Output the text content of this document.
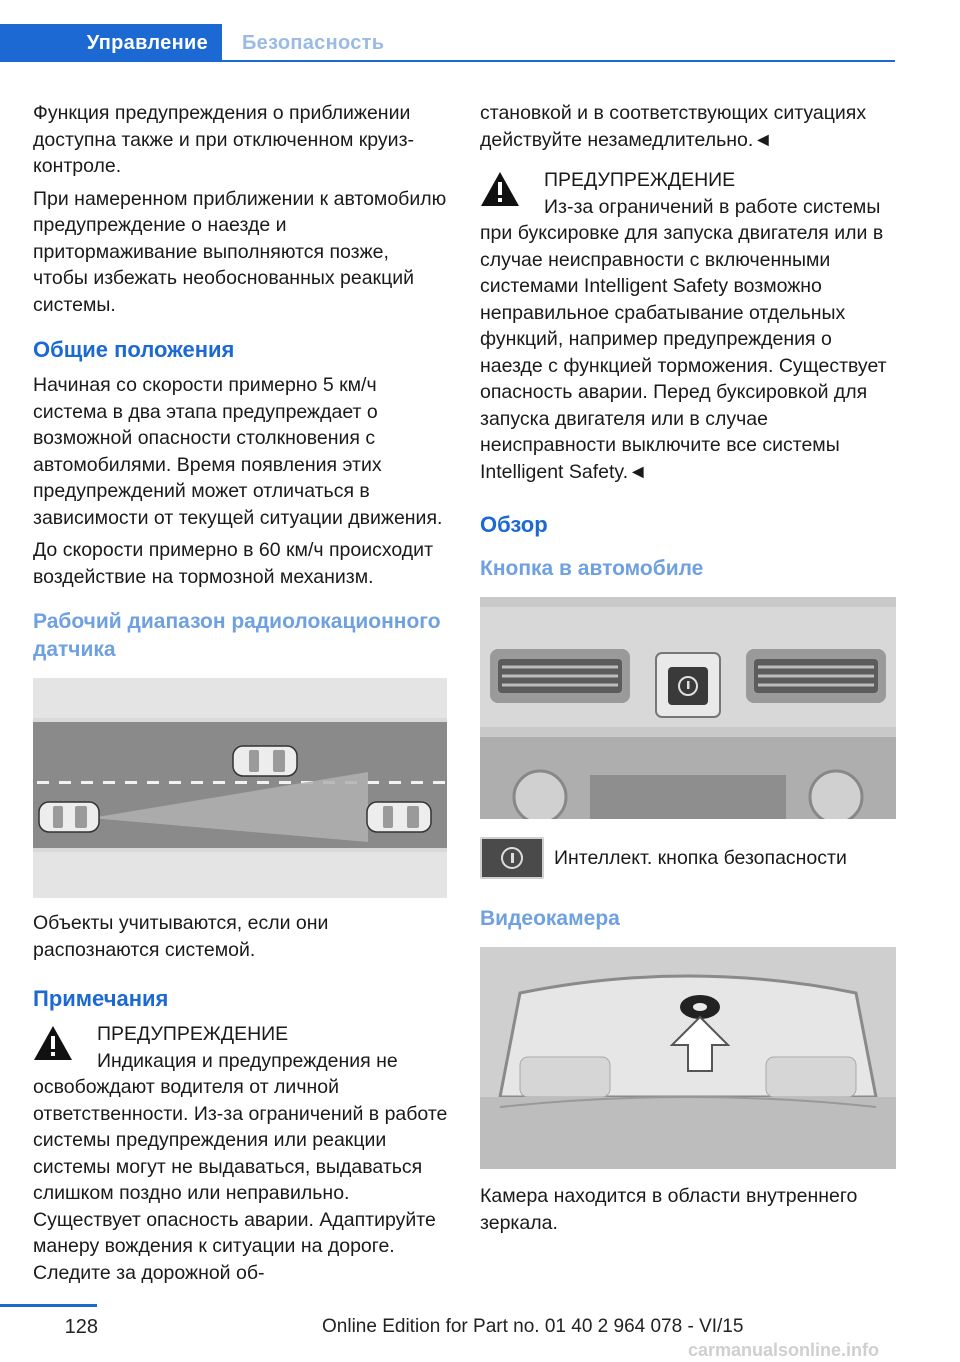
Управление	Безопасность

Функция предупреждения о приближении доступна также и при отключенном круиз-контроле.

При намеренном приближении к автомобилю предупреждение о наезде и притормаживание выполняются позже, чтобы избежать необоснованных реакций системы.

Общие положения

Начиная со скорости примерно 5 км/ч система в два этапа предупреждает о возможной опасности столкновения с автомобилями. Время появления этих предупреждений может отличаться в зависимости от текущей ситуации движения.

До скорости примерно в 60 км/ч происходит воздействие на тормозной механизм.

Рабочий диапазон радиолокационного датчика

Объекты учитываются, если они распознаются системой.

Примечания
ПРЕДУПРЕЖДЕНИЕ

Индикация и предупреждения не освобождают водителя от личной ответственности. Из-за ограничений в работе системы предупреждения или реакции системы могут не выдаваться, выдаваться слишком поздно или неправильно. Существует опасность аварии. Адаптируйте манеру вождения к ситуации на дороге. Следите за дорожной об-

становкой и в соответствующих ситуациях действуйте незамедлительно.◄

ПРЕДУПРЕЖДЕНИЕ

Из-за ограничений в работе системы при буксировке для запуска двигателя или в случае неисправности с включенными системами Intelligent Safety возможно неправильное срабатывание отдельных функций, например предупреждения о наезде с функцией торможения. Существует опасность аварии. Перед буксировкой для запуска двигателя или в случае неисправности выключите все системы Intelligent Safety.◄

Обзор
Кнопка в автомобиле
Интеллект. кнопка безопасности
Видеокамера

Камера находится в области внутреннего зеркала.

128	Online Edition for Part no. 01 40 2 964 078 - VI/15
carmanualsonline.info
